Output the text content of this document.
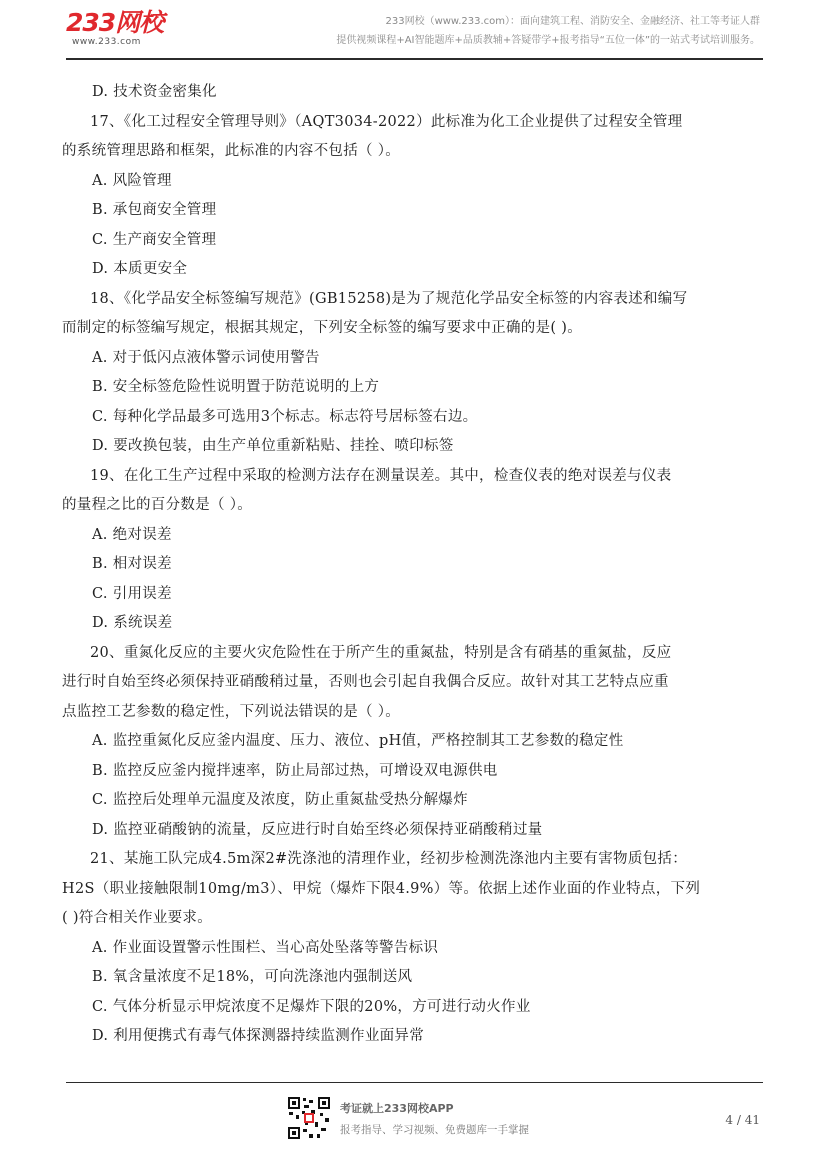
233网校
www.233.com
233网校（www.233.com）：面向建筑工程、消防安全、金融经济、社工等考证人群
提供视频课程+AI智能题库+品质教辅+答疑带学+报考指导“五位一体”的一站式考试培训服务。
D. 技术资金密集化
17、《化工过程安全管理导则》（AQT3034-2022）此标准为化工企业提供了过程安全管理
的系统管理思路和框架，此标准的内容不包括（ ）。
A. 风险管理
B. 承包商安全管理
C. 生产商安全管理
D. 本质更安全
18、《化学品安全标签编写规范》(GB15258)是为了规范化学品安全标签的内容表述和编写
而制定的标签编写规定，根据其规定，下列安全标签的编写要求中正确的是( )。
A. 对于低闪点液体警示词使用警告
B. 安全标签危险性说明置于防范说明的上方
C. 每种化学品最多可选用3个标志。标志符号居标签右边。
D. 要改换包装，由生产单位重新粘贴、挂拴、喷印标签
19、在化工生产过程中采取的检测方法存在测量误差。其中，检查仪表的绝对误差与仪表
的量程之比的百分数是（ ）。
A. 绝对误差
B. 相对误差
C. 引用误差
D. 系统误差
20、重氮化反应的主要火灾危险性在于所产生的重氮盐，特别是含有硝基的重氮盐，反应
进行时自始至终必须保持亚硝酸稍过量，否则也会引起自我偶合反应。故针对其工艺特点应重
点监控工艺参数的稳定性，下列说法错误的是（ ）。
A. 监控重氮化反应釜内温度、压力、液位、pH值，严格控制其工艺参数的稳定性
B. 监控反应釜内搅拌速率，防止局部过热，可增设双电源供电
C. 监控后处理单元温度及浓度，防止重氮盐受热分解爆炸
D. 监控亚硝酸钠的流量，反应进行时自始至终必须保持亚硝酸稍过量
21、某施工队完成4.5m深2#洗涤池的清理作业，经初步检测洗涤池内主要有害物质包括：
H2S（职业接触限制10mg/m3）、甲烷（爆炸下限4.9%）等。依据上述作业面的作业特点，下列
( )符合相关作业要求。
A. 作业面设置警示性围栏、当心高处坠落等警告标识
B. 氧含量浓度不足18%，可向洗涤池内强制送风
C. 气体分析显示甲烷浓度不足爆炸下限的20%，方可进行动火作业
D. 利用便携式有毒气体探测器持续监测作业面异常
考证就上233网校APP
报考指导、学习视频、免费题库一手掌握
4 / 41
